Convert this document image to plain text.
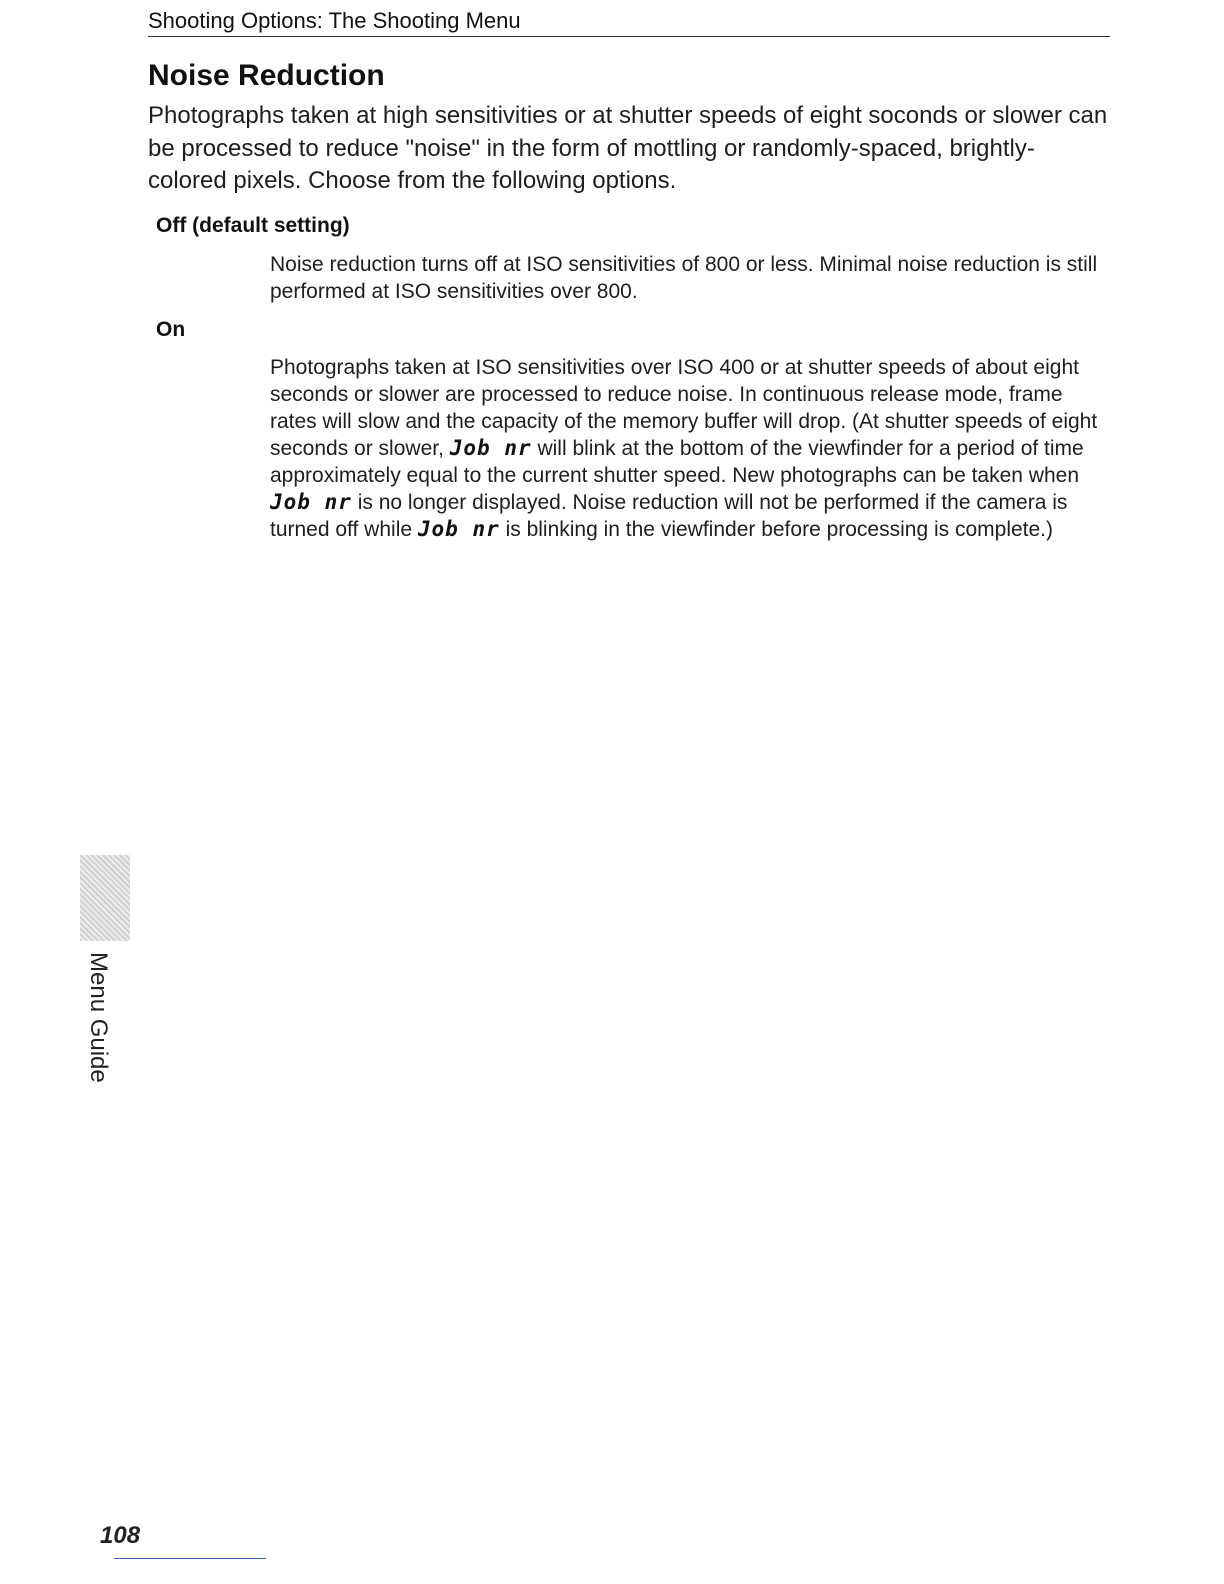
Shooting Options: The Shooting Menu
Noise Reduction

Photographs taken at high sensitivities or at shutter speeds of eight soconds or slower can be processed to reduce "noise" in the form of mottling or randomly-spaced, brightly-colored pixels. Choose from the following options.

Off (default setting)

Noise reduction turns off at ISO sensitivities of 800 or less. Minimal noise reduction is still performed at ISO sensitivities over 800.

On

Photographs taken at ISO sensitivities over ISO 400 or at shutter speeds of about eight seconds or slower are processed to reduce noise. In continuous release mode, frame rates will slow and the capacity of the memory buffer will drop. (At shutter speeds of eight seconds or slower, Job nr will blink at the bottom of the viewfinder for a period of time approximately equal to the current shutter speed. New photographs can be taken when Job nr is no longer displayed. Noise reduction will not be performed if the camera is turned off while Job nr is blinking in the viewfinder before processing is complete.)

Menu Guide
108
